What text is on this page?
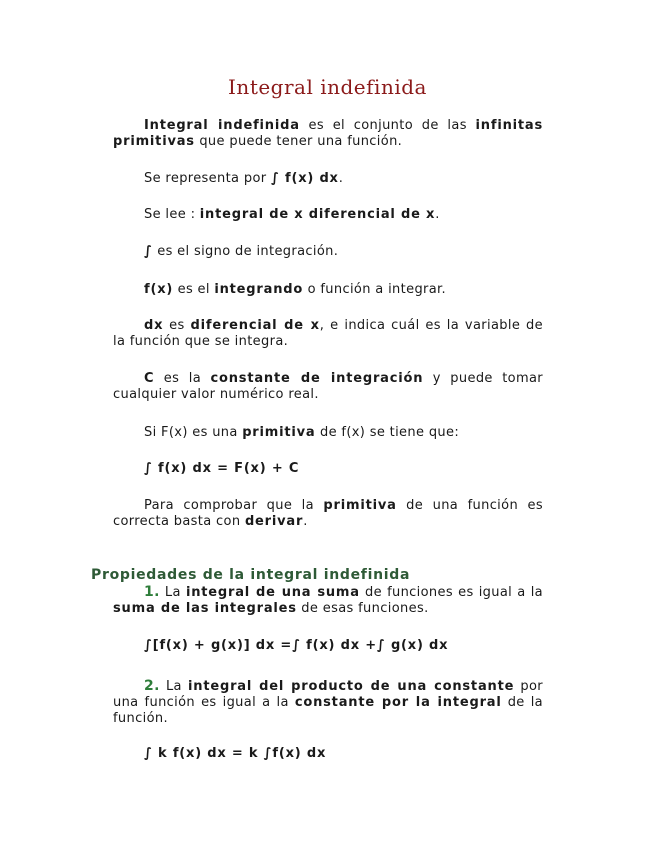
Integral indefinida
Integral indefinida es el conjunto de las infinitas primitivas que puede tener una función.
Se representa por ∫ f(x) dx.
Se lee : integral de x diferencial de x.
∫ es el signo de integración.
f(x) es el integrando o función a integrar.
dx es diferencial de x, e indica cuál es la variable de la función que se integra.
C es la constante de integración y puede tomar cualquier valor numérico real.
Si F(x) es una primitiva de f(x) se tiene que:
∫ f(x) dx = F(x) + C
Para comprobar que la primitiva de una función es correcta basta con derivar.
Propiedades de la integral indefinida
1. La integral de una suma de funciones es igual a la suma de las integrales de esas funciones.
∫[f(x) + g(x)] dx =∫ f(x) dx +∫ g(x) dx
2. La integral del producto de una constante por una función es igual a la constante por la integral de la función.
∫ k f(x) dx = k ∫f(x) dx
